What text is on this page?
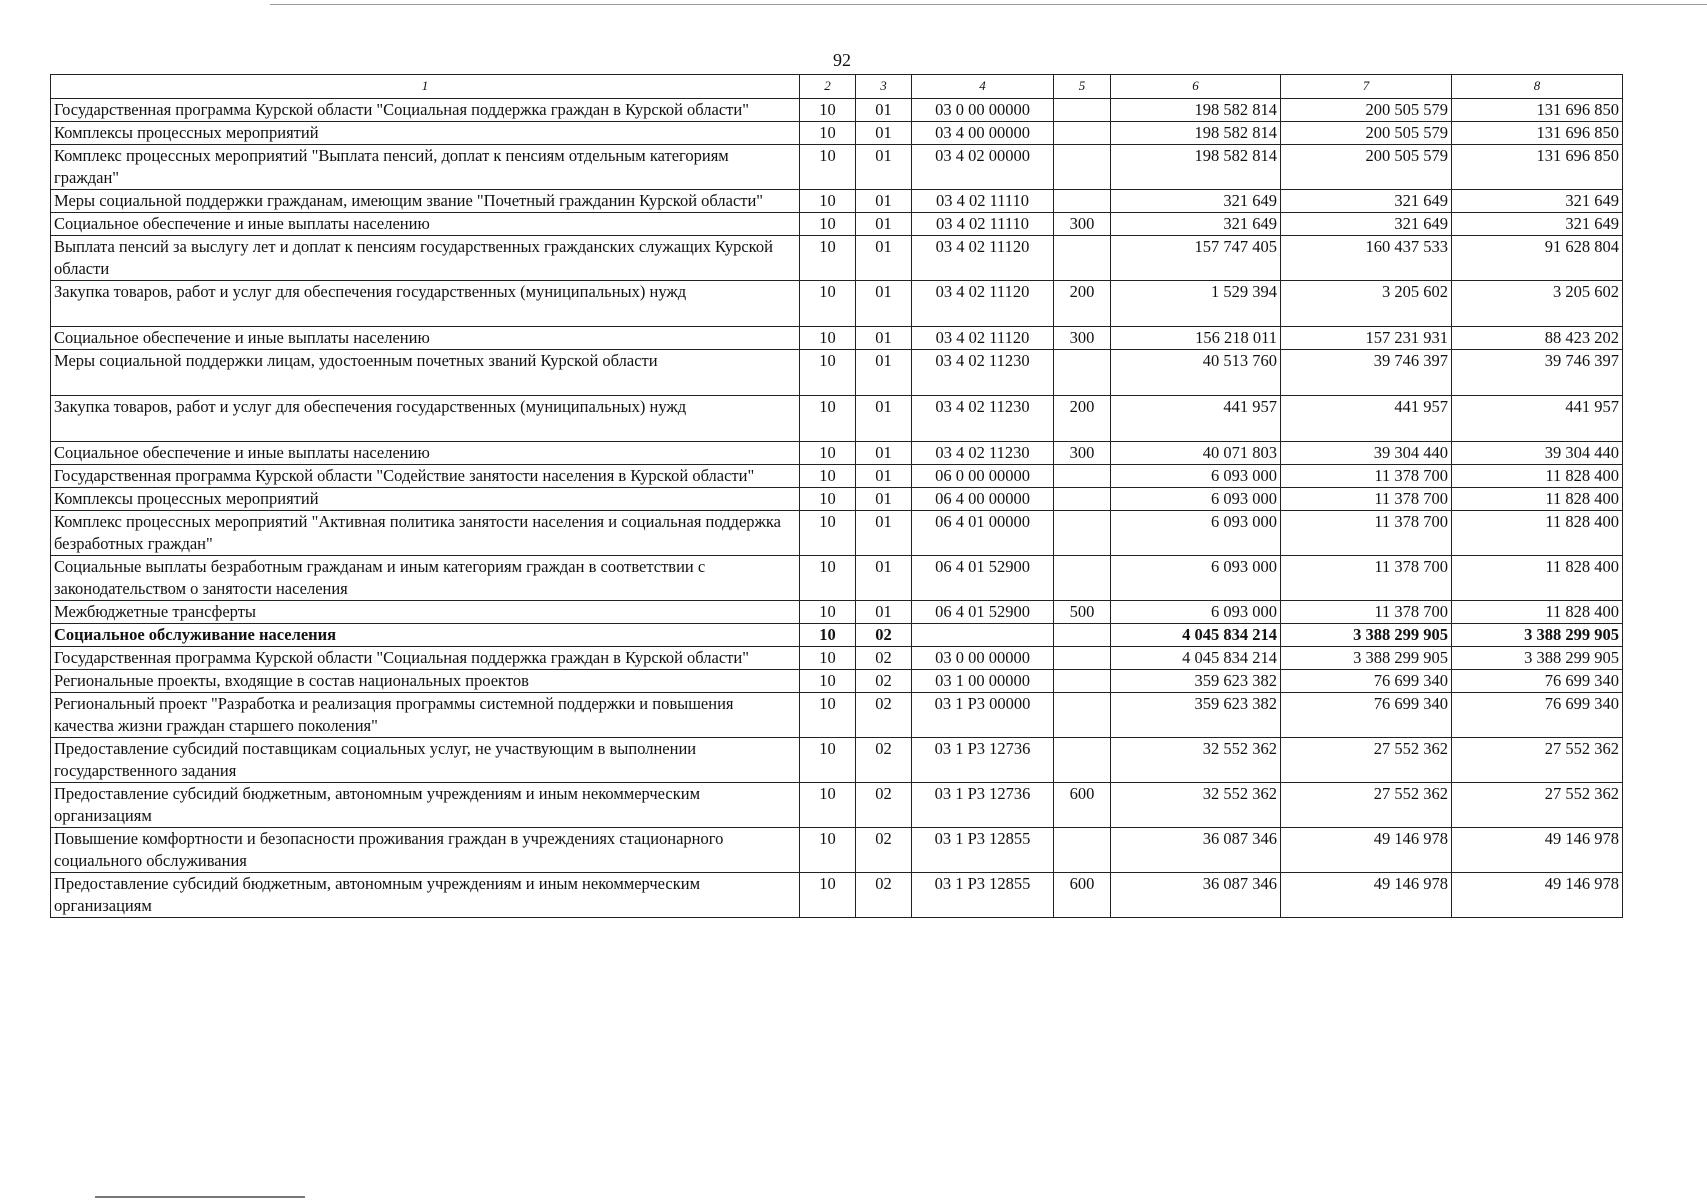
92
1	2	3	4	5	6	7	8
Государственная программа Курской области "Социальная поддержка граждан в Курской области"	10	01	03 0 00 00000		198 582 814	200 505 579	131 696 850
Комплексы процессных мероприятий	10	01	03 4 00 00000		198 582 814	200 505 579	131 696 850
Комплекс процессных мероприятий "Выплата пенсий, доплат к пенсиям отдельным категориям граждан"	10	01	03 4 02 00000		198 582 814	200 505 579	131 696 850
Меры социальной поддержки гражданам, имеющим звание "Почетный гражданин Курской области"	10	01	03 4 02 11110		321 649	321 649	321 649
Социальное обеспечение и иные выплаты населению	10	01	03 4 02 11110	300	321 649	321 649	321 649
Выплата пенсий за выслугу лет и доплат к пенсиям государственных гражданских служащих Курской области	10	01	03 4 02 11120		157 747 405	160 437 533	91 628 804
Закупка товаров, работ и услуг для обеспечения государственных (муниципальных) нужд	10	01	03 4 02 11120	200	1 529 394	3 205 602	3 205 602
Социальное обеспечение и иные выплаты населению	10	01	03 4 02 11120	300	156 218 011	157 231 931	88 423 202
Меры социальной поддержки лицам, удостоенным почетных званий Курской области	10	01	03 4 02 11230		40 513 760	39 746 397	39 746 397
Закупка товаров, работ и услуг для обеспечения государственных (муниципальных) нужд	10	01	03 4 02 11230	200	441 957	441 957	441 957
Социальное обеспечение и иные выплаты населению	10	01	03 4 02 11230	300	40 071 803	39 304 440	39 304 440
Государственная программа Курской области "Содействие занятости населения в Курской области"	10	01	06 0 00 00000		6 093 000	11 378 700	11 828 400
Комплексы процессных мероприятий	10	01	06 4 00 00000		6 093 000	11 378 700	11 828 400
Комплекс процессных мероприятий "Активная политика занятости населения и социальная поддержка безработных граждан"	10	01	06 4 01 00000		6 093 000	11 378 700	11 828 400
Социальные выплаты безработным гражданам и иным категориям граждан в соответствии с законодательством о занятости населения	10	01	06 4 01 52900		6 093 000	11 378 700	11 828 400
Межбюджетные трансферты	10	01	06 4 01 52900	500	6 093 000	11 378 700	11 828 400
Социальное обслуживание населения	10	02			4 045 834 214	3 388 299 905	3 388 299 905
Государственная программа Курской области "Социальная поддержка граждан в Курской области"	10	02	03 0 00 00000		4 045 834 214	3 388 299 905	3 388 299 905
Региональные проекты, входящие в состав национальных проектов	10	02	03 1 00 00000		359 623 382	76 699 340	76 699 340
Региональный проект "Разработка и реализация программы системной поддержки и повышения качества жизни граждан старшего поколения"	10	02	03 1 P3 00000		359 623 382	76 699 340	76 699 340
Предоставление субсидий поставщикам социальных услуг, не участвующим в выполнении государственного задания	10	02	03 1 P3 12736		32 552 362	27 552 362	27 552 362
Предоставление субсидий бюджетным, автономным учреждениям и иным некоммерческим организациям	10	02	03 1 P3 12736	600	32 552 362	27 552 362	27 552 362
Повышение комфортности и безопасности проживания граждан в учреждениях стационарного социального обслуживания	10	02	03 1 P3 12855		36 087 346	49 146 978	49 146 978
Предоставление субсидий бюджетным, автономным учреждениям и иным некоммерческим организациям	10	02	03 1 P3 12855	600	36 087 346	49 146 978	49 146 978
